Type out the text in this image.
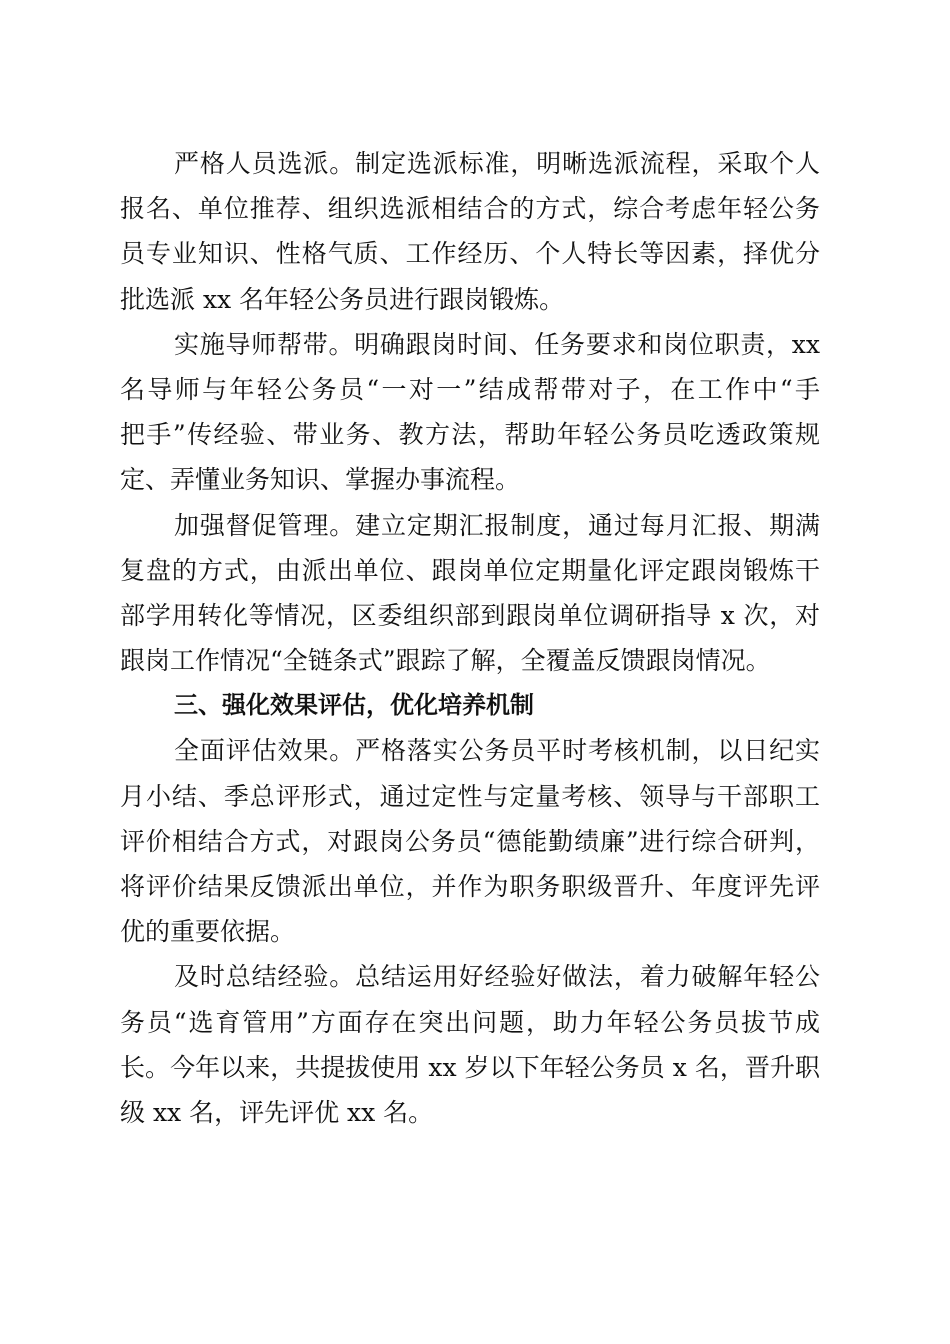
严格人员选派。制定选派标准，明晰选派流程，采取个人
报名、单位推荐、组织选派相结合的方式，综合考虑年轻公务
员专业知识、性格气质、工作经历、个人特长等因素，择优分
批选派 xx 名年轻公务员进行跟岗锻炼。
实施导师帮带。明确跟岗时间、任务要求和岗位职责，xx
名导师与年轻公务员“一对一”结成帮带对子，在工作中“手
把手”传经验、带业务、教方法，帮助年轻公务员吃透政策规
定、弄懂业务知识、掌握办事流程。
加强督促管理。建立定期汇报制度，通过每月汇报、期满
复盘的方式，由派出单位、跟岗单位定期量化评定跟岗锻炼干
部学用转化等情况，区委组织部到跟岗单位调研指导 x 次，对
跟岗工作情况“全链条式”跟踪了解，全覆盖反馈跟岗情况。
三、强化效果评估，优化培养机制
全面评估效果。严格落实公务员平时考核机制，以日纪实
月小结、季总评形式，通过定性与定量考核、领导与干部职工
评价相结合方式，对跟岗公务员“德能勤绩廉”进行综合研判，
将评价结果反馈派出单位，并作为职务职级晋升、年度评先评
优的重要依据。
及时总结经验。总结运用好经验好做法，着力破解年轻公
务员“选育管用”方面存在突出问题，助力年轻公务员拔节成
长。今年以来，共提拔使用 xx 岁以下年轻公务员 x 名，晋升职
级 xx 名，评先评优 xx 名。
